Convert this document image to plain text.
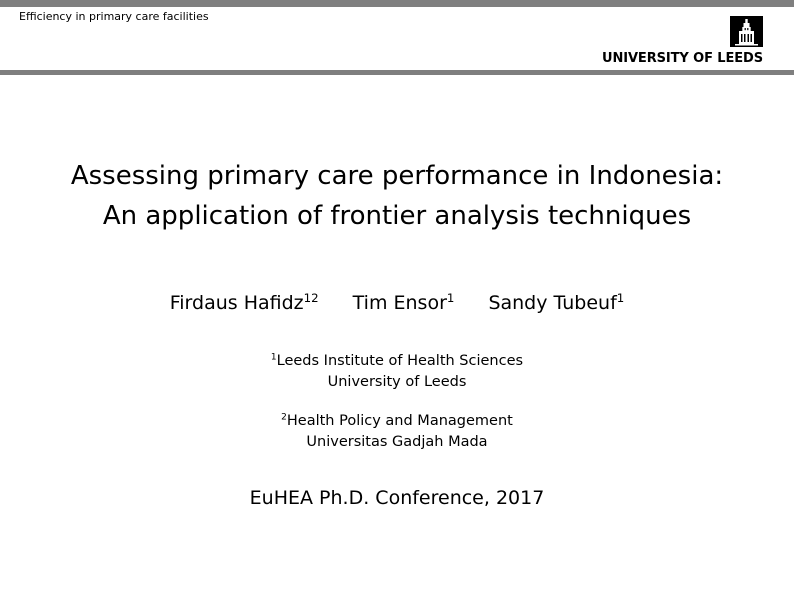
Efficiency in primary care facilities
UNIVERSITY OF LEEDS
Assessing primary care performance in Indonesia:
An application of frontier analysis techniques
Firdaus Hafidz$^{12}$ Tim Ensor$^1$ Sandy Tubeuf$^1$
$^1$Leeds Institute of Health Sciences
University of Leeds
$^2$Health Policy and Management
Universitas Gadjah Mada
EuHEA Ph.D. Conference, 2017
